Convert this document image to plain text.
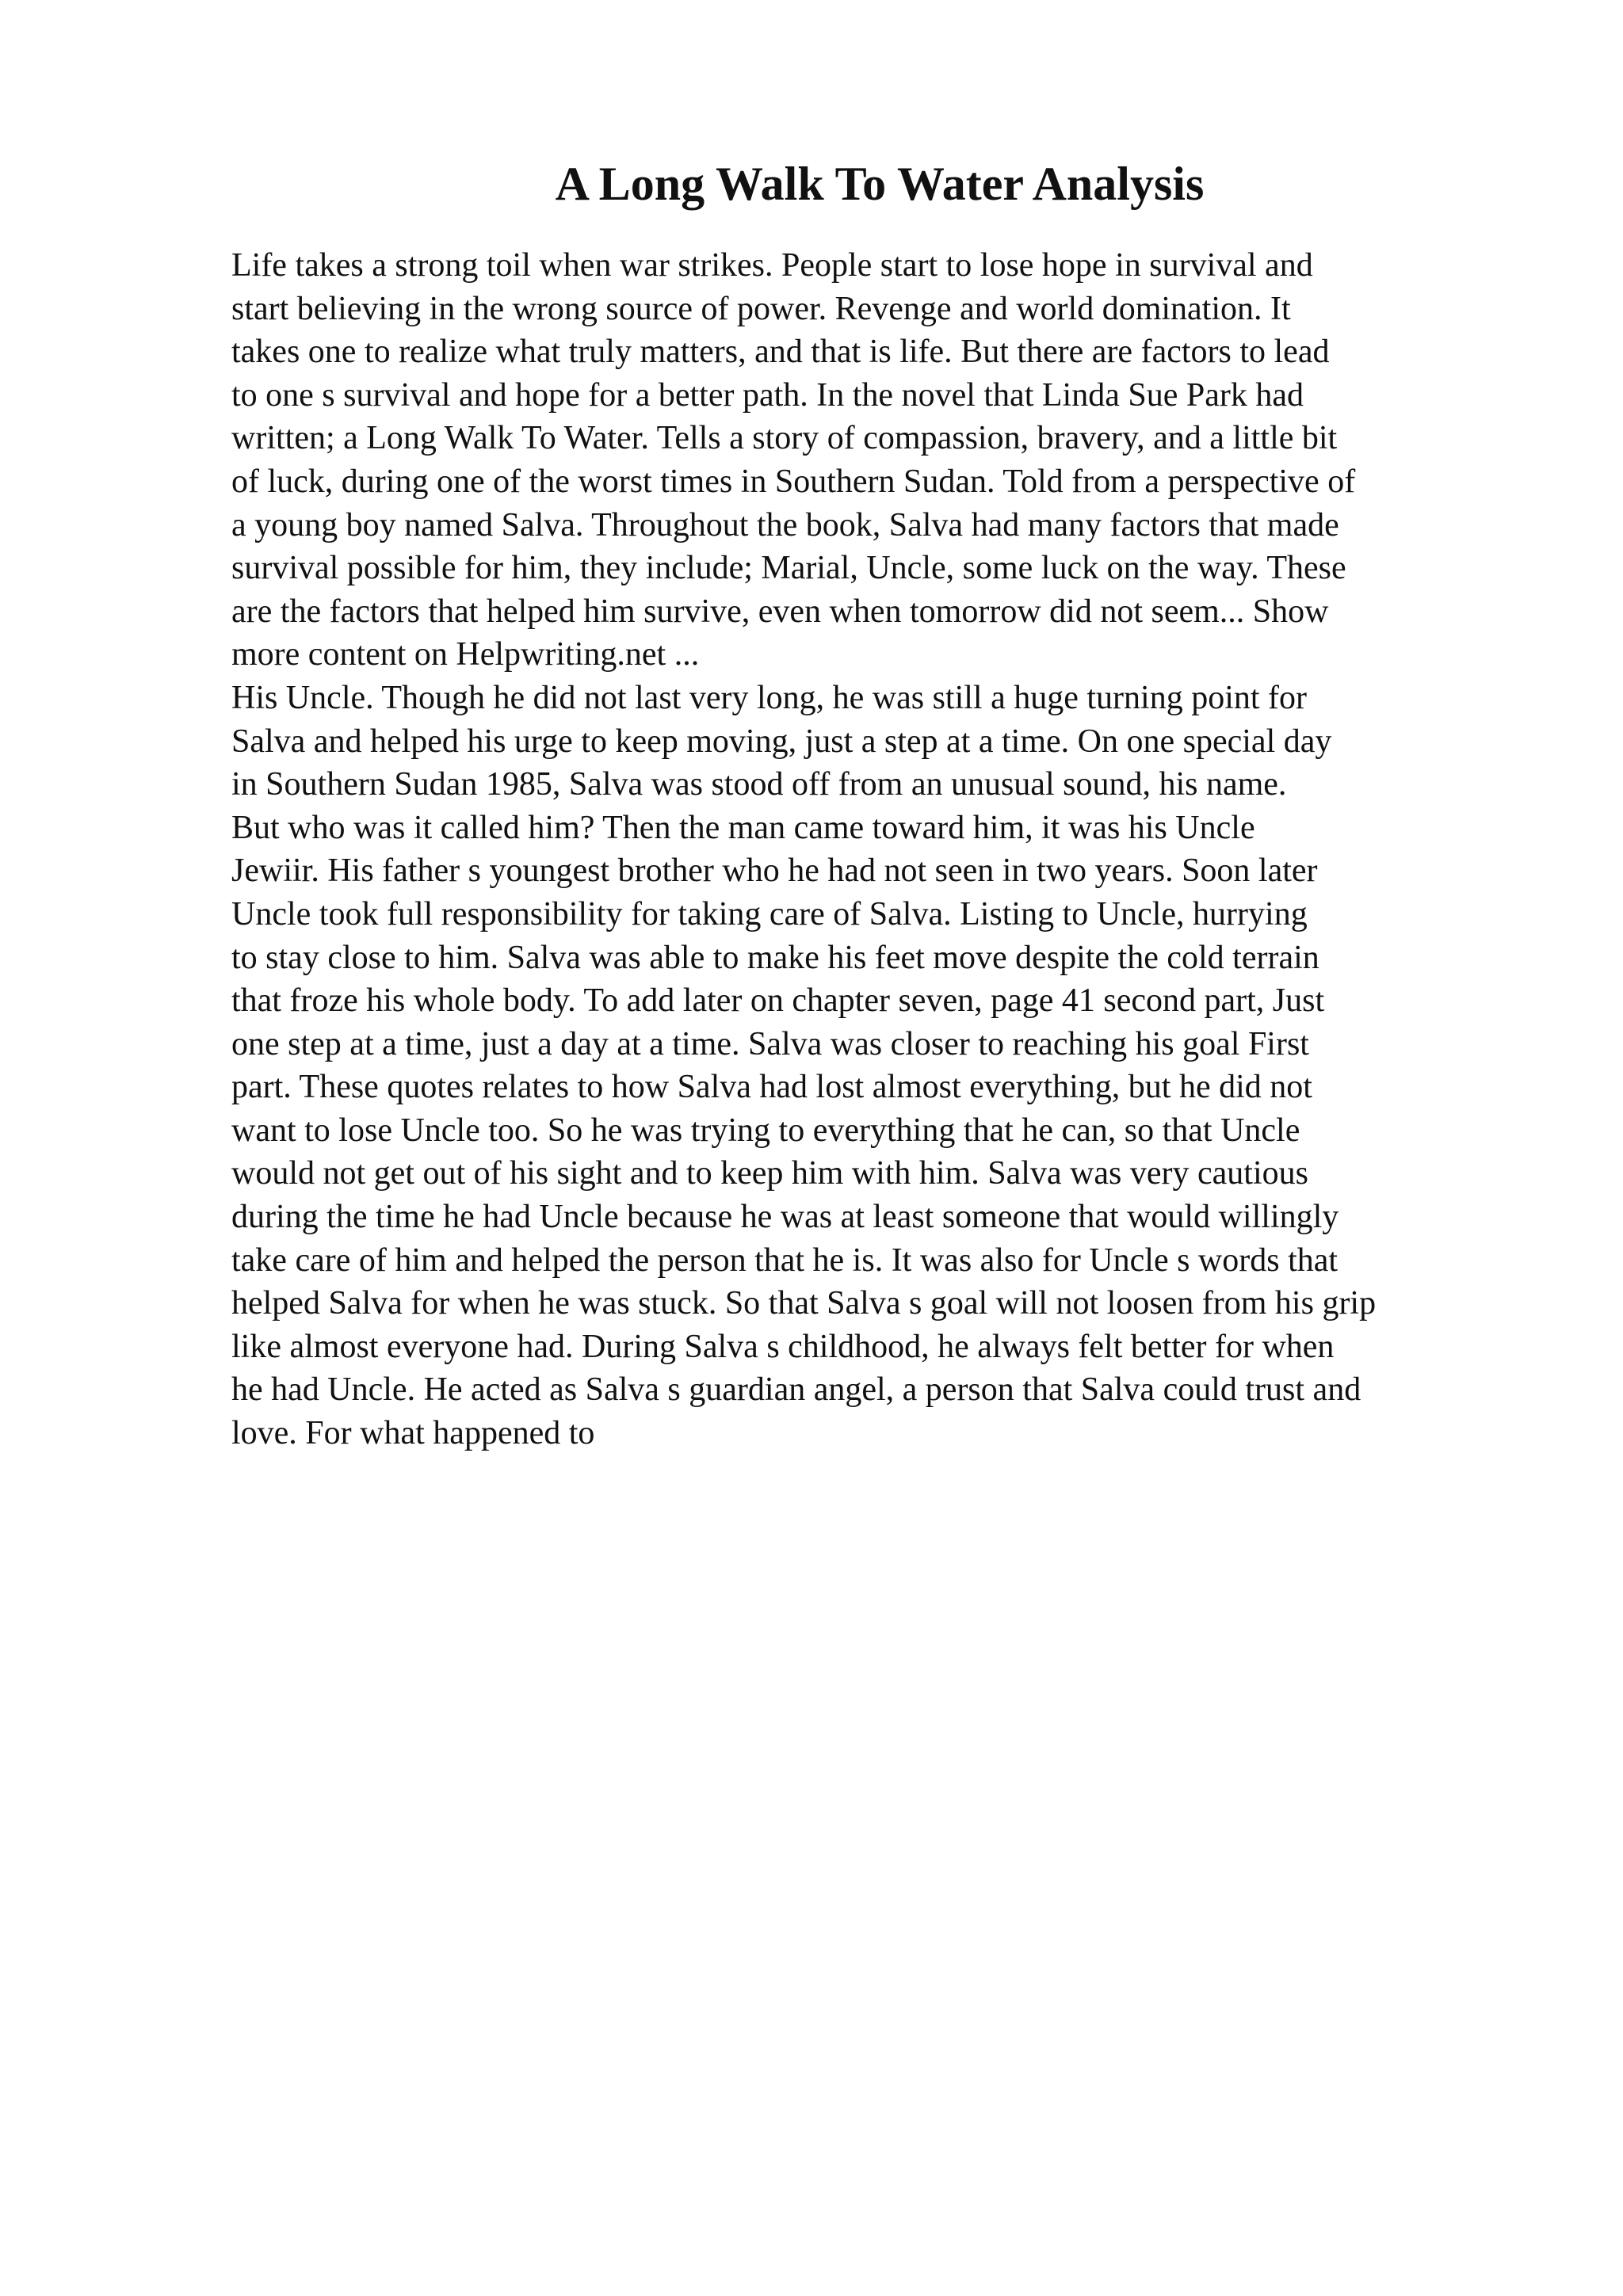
A Long Walk To Water Analysis
Life takes a strong toil when war strikes. People start to lose hope in survival and
start believing in the wrong source of power. Revenge and world domination. It
takes one to realize what truly matters, and that is life. But there are factors to lead
to one s survival and hope for a better path. In the novel that Linda Sue Park had
written; a Long Walk To Water. Tells a story of compassion, bravery, and a little bit
of luck, during one of the worst times in Southern Sudan. Told from a perspective of
a young boy named Salva. Throughout the book, Salva had many factors that made
survival possible for him, they include; Marial, Uncle, some luck on the way. These
are the factors that helped him survive, even when tomorrow did not seem... Show
more content on Helpwriting.net ...
His Uncle. Though he did not last very long, he was still a huge turning point for
Salva and helped his urge to keep moving, just a step at a time. On one special day
in Southern Sudan 1985, Salva was stood off from an unusual sound, his name.
But who was it called him? Then the man came toward him, it was his Uncle
Jewiir. His father s youngest brother who he had not seen in two years. Soon later
Uncle took full responsibility for taking care of Salva. Listing to Uncle, hurrying
to stay close to him. Salva was able to make his feet move despite the cold terrain
that froze his whole body. To add later on chapter seven, page 41 second part, Just
one step at a time, just a day at a time. Salva was closer to reaching his goal First
part. These quotes relates to how Salva had lost almost everything, but he did not
want to lose Uncle too. So he was trying to everything that he can, so that Uncle
would not get out of his sight and to keep him with him. Salva was very cautious
during the time he had Uncle because he was at least someone that would willingly
take care of him and helped the person that he is. It was also for Uncle s words that
helped Salva for when he was stuck. So that Salva s goal will not loosen from his grip
like almost everyone had. During Salva s childhood, he always felt better for when
he had Uncle. He acted as Salva s guardian angel, a person that Salva could trust and
love. For what happened to
